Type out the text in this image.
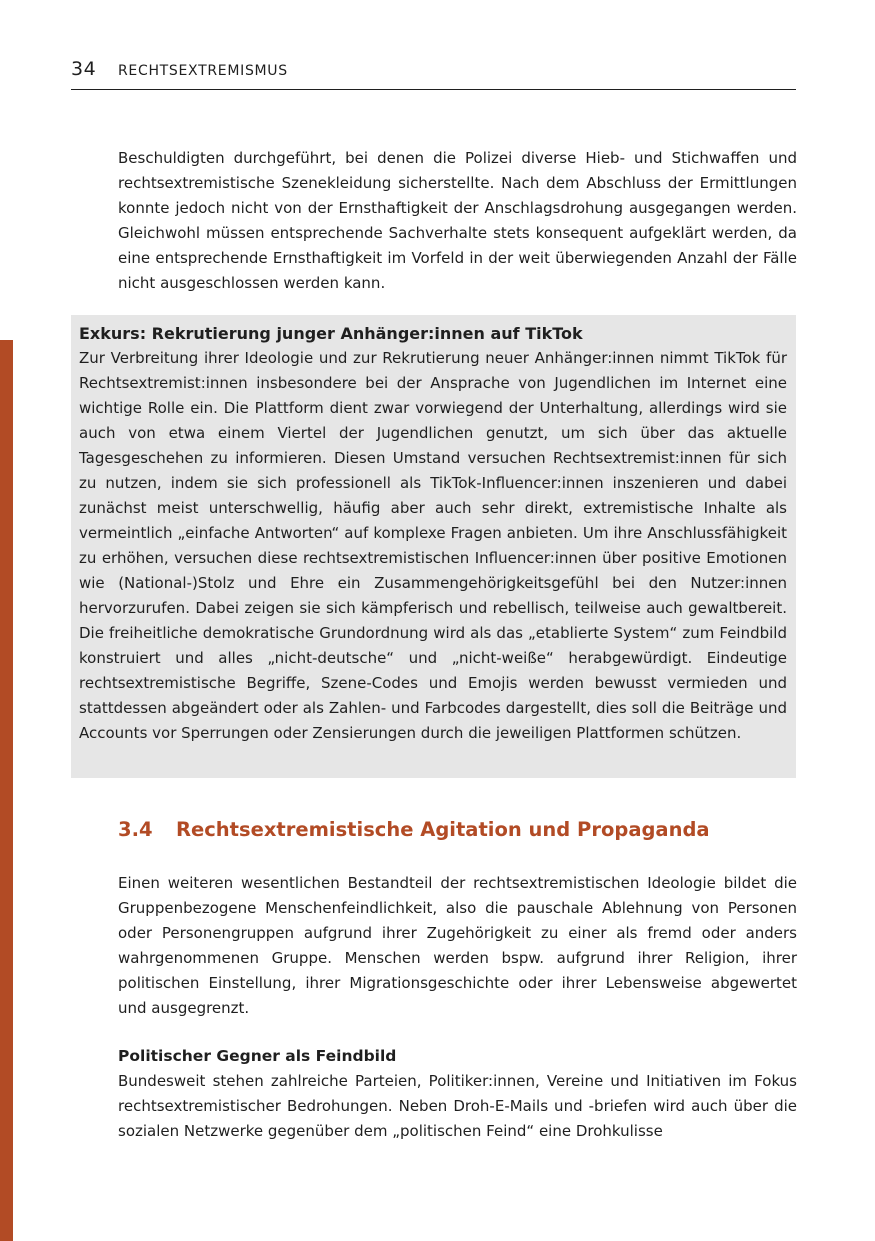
34 RECHTSEXTREMISMUS

Beschuldigten durchgeführt, bei denen die Polizei diverse Hieb- und Stichwaffen und rechtsextremistische Szenekleidung sicherstellte. Nach dem Abschluss der Ermittlungen konnte jedoch nicht von der Ernsthaftigkeit der Anschlagsdrohung ausgegangen werden. Gleichwohl müssen entsprechende Sachverhalte stets konsequent aufgeklärt werden, da eine entsprechende Ernsthaftigkeit im Vorfeld in der weit überwiegenden Anzahl der Fälle nicht ausgeschlossen werden kann.

Exkurs: Rekrutierung junger Anhänger:innen auf TikTok

Zur Verbreitung ihrer Ideologie und zur Rekrutierung neuer Anhänger:innen nimmt TikTok für Rechtsextremist:innen insbesondere bei der Ansprache von Jugendlichen im Internet eine wichtige Rolle ein. Die Plattform dient zwar vorwiegend der Unterhaltung, allerdings wird sie auch von etwa einem Viertel der Jugendlichen genutzt, um sich über das aktuelle Tagesgeschehen zu informieren. Diesen Umstand versuchen Rechtsextremist:innen für sich zu nutzen, indem sie sich professionell als TikTok-Influencer:innen inszenieren und dabei zunächst meist unterschwellig, häufig aber auch sehr direkt, extremistische Inhalte als vermeintlich „einfache Antworten“ auf komplexe Fragen anbieten. Um ihre Anschlussfähigkeit zu erhöhen, versuchen diese rechtsextremistischen Influencer:innen über positive Emotionen wie (National-)Stolz und Ehre ein Zusammengehörigkeitsgefühl bei den Nutzer:innen hervorzurufen. Dabei zeigen sie sich kämpferisch und rebellisch, teilweise auch gewaltbereit. Die freiheitliche demokratische Grundordnung wird als das „etablierte System“ zum Feindbild konstruiert und alles „nicht-deutsche“ und „nicht-weiße“ herabgewürdigt. Eindeutige rechtsextremistische Begriffe, Szene-Codes und Emojis werden bewusst vermieden und stattdessen abgeändert oder als Zahlen- und Farbcodes dargestellt, dies soll die Beiträge und Accounts vor Sperrungen oder Zensierungen durch die jeweiligen Plattformen schützen.

3.4 Rechtsextremistische Agitation und Propaganda

Einen weiteren wesentlichen Bestandteil der rechtsextremistischen Ideologie bildet die Gruppenbezogene Menschenfeindlichkeit, also die pauschale Ablehnung von Personen oder Personengruppen aufgrund ihrer Zugehörigkeit zu einer als fremd oder anders wahrgenommenen Gruppe. Menschen werden bspw. aufgrund ihrer Religion, ihrer politischen Einstellung, ihrer Migrationsgeschichte oder ihrer Lebensweise abgewertet und ausgegrenzt.

Politischer Gegner als Feindbild

Bundesweit stehen zahlreiche Parteien, Politiker:innen, Vereine und Initiativen im Fokus rechtsextremistischer Bedrohungen. Neben Droh-E-Mails und -briefen wird auch über die sozialen Netzwerke gegenüber dem „politischen Feind“ eine Drohkulisse
